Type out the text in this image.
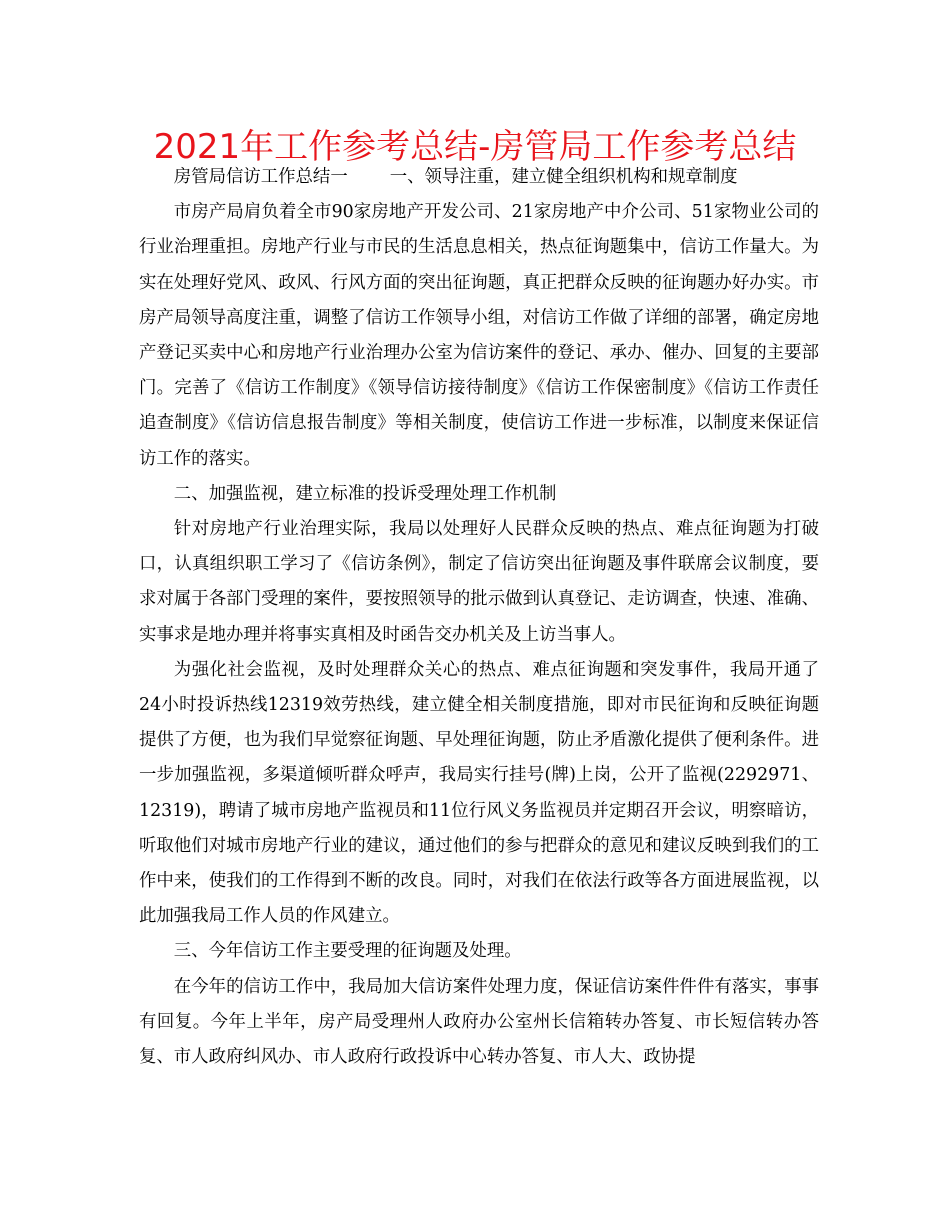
2021年工作参考总结-房管局工作参考总结
房管局信访工作总结一 一、领导注重，建立健全组织机构和规章制度

市房产局肩负着全市90家房地产开发公司、21家房地产中介公司、51家物业公司的行业治理重担。房地产行业与市民的生活息息相关，热点征询题集中，信访工作量大。为实在处理好党风、政风、行风方面的突出征询题，真正把群众反映的征询题办好办实。市房产局领导高度注重，调整了信访工作领导小组，对信访工作做了详细的部署，确定房地产登记买卖中心和房地产行业治理办公室为信访案件的登记、承办、催办、回复的主要部门。完善了《信访工作制度》《领导信访接待制度》《信访工作保密制度》《信访工作责任追查制度》《信访信息报告制度》等相关制度，使信访工作进一步标准，以制度来保证信访工作的落实。

二、加强监视，建立标准的投诉受理处理工作机制

针对房地产行业治理实际，我局以处理好人民群众反映的热点、难点征询题为打破口，认真组织职工学习了《信访条例》，制定了信访突出征询题及事件联席会议制度，要求对属于各部门受理的案件，要按照领导的批示做到认真登记、走访调查，快速、准确、实事求是地办理并将事实真相及时函告交办机关及上访当事人。

为强化社会监视，及时处理群众关心的热点、难点征询题和突发事件，我局开通了24小时投诉热线12319效劳热线，建立健全相关制度措施，即对市民征询和反映征询题提供了方便，也为我们早觉察征询题、早处理征询题，防止矛盾激化提供了便利条件。进一步加强监视，多渠道倾听群众呼声，我局实行挂号(牌)上岗，公开了监视(2292971、12319)，聘请了城市房地产监视员和11位行风义务监视员并定期召开会议，明察暗访，听取他们对城市房地产行业的建议，通过他们的参与把群众的意见和建议反映到我们的工作中来，使我们的工作得到不断的改良。同时，对我们在依法行政等各方面进展监视，以此加强我局工作人员的作风建立。

三、今年信访工作主要受理的征询题及处理。

在今年的信访工作中，我局加大信访案件处理力度，保证信访案件件件有落实，事事有回复。今年上半年，房产局受理州人政府办公室州长信箱转办答复、市长短信转办答复、市人政府纠风办、市人政府行政投诉中心转办答复、市人大、政协提
